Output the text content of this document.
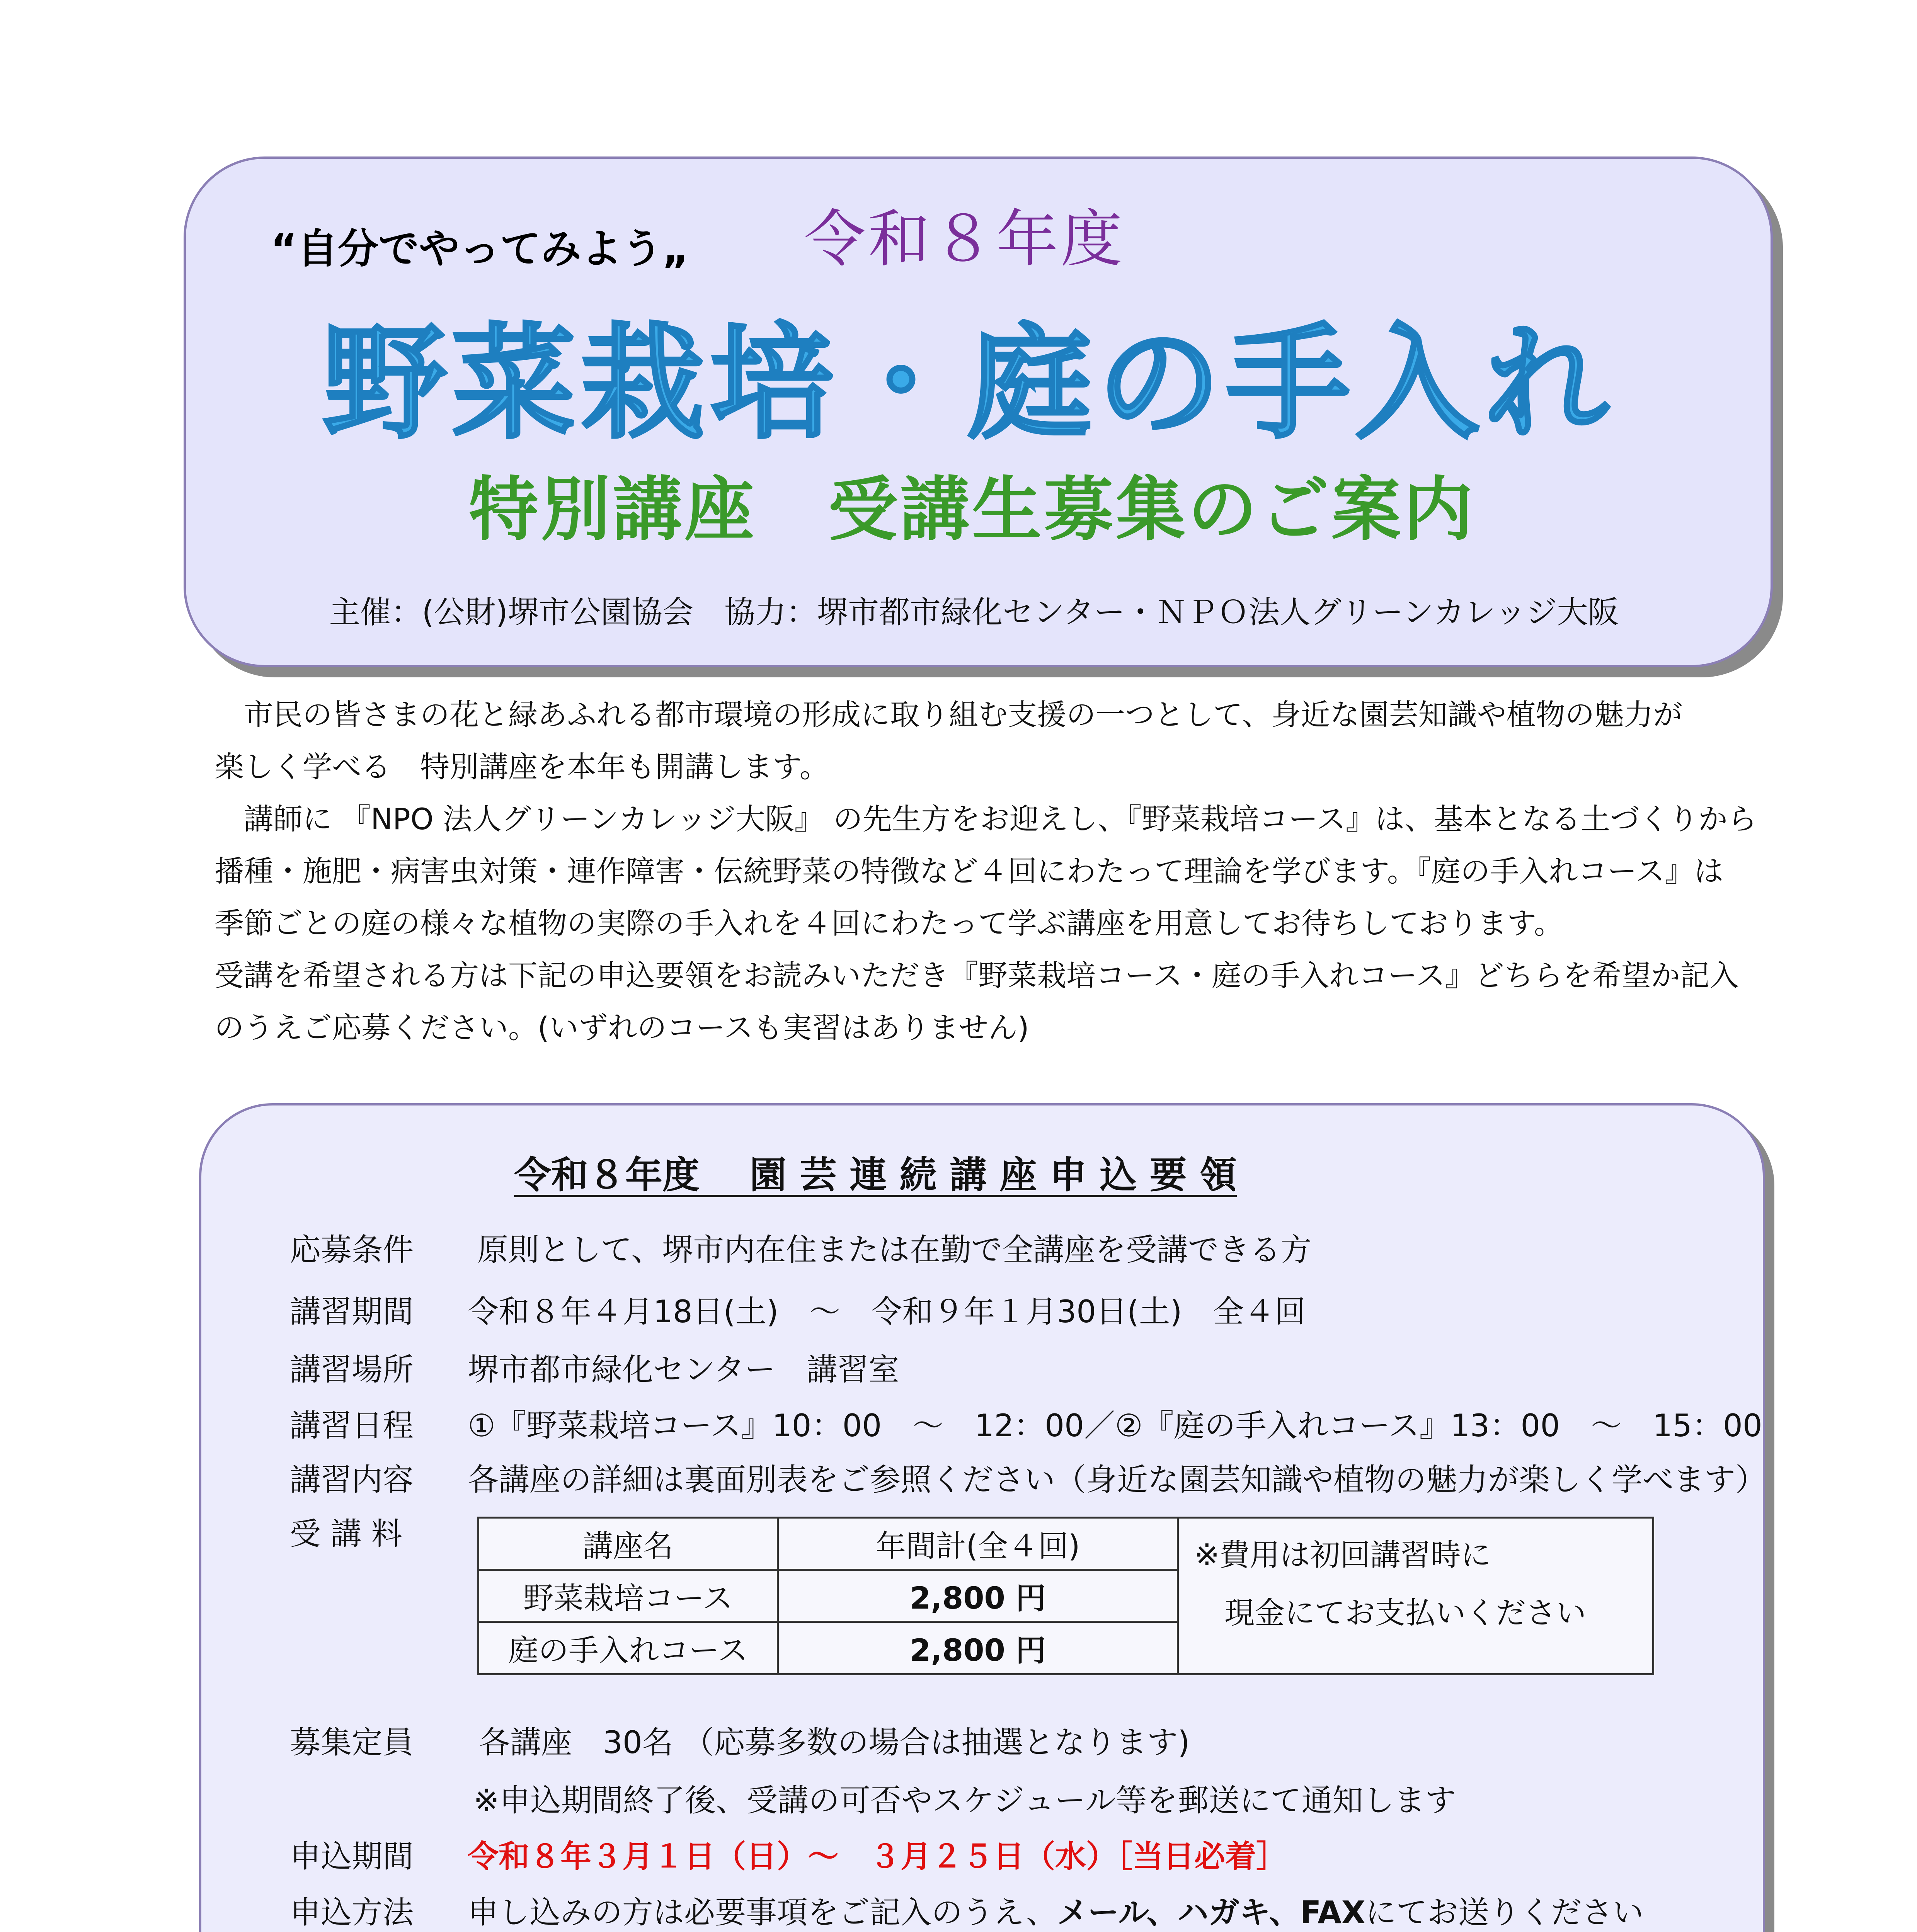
“自分でやってみよう„ 令和８年度
野菜栽培・庭の手入れ
特別講座　受講生募集のご案内
主催：(公財)堺市公園協会　協力：堺市都市緑化センター・ＮＰＯ法人グリーンカレッジ大阪
　市民の皆さまの花と緑あふれる都市環境の形成に取り組む支援の一つとして、身近な園芸知識や植物の魅力が
楽しく学べる　特別講座を本年も開講します。
　講師に 『NPO 法人グリーンカレッジ大阪』 の先生方をお迎えし、『野菜栽培コース』は、基本となる土づくりから
播種・施肥・病害虫対策・連作障害・伝統野菜の特徴など４回にわたって理論を学びます。『庭の手入れコース』は
季節ごとの庭の様々な植物の実際の手入れを４回にわたって学ぶ講座を用意してお待ちしております。
受講を希望される方は下記の申込要領をお読みいただき『野菜栽培コース・庭の手入れコース』どちらを希望か記入
のうえご応募ください。(いずれのコースも実習はありません)
令和８年度　 園 芸 連 続 講 座 申 込 要 領
応募条件 原則として、堺市内在住または在勤で全講座を受講できる方
講習期間 令和８年４月18日(土)　～　令和９年１月30日(土)　全４回
講習場所 堺市都市緑化センター　講習室
講習日程 ①『野菜栽培コース』10：00　～　12：00／②『庭の手入れコース』13：00　～　15：00
講習内容 各講座の詳細は裏面別表をご参照ください（身近な園芸知識や植物の魅力が楽しく学べます）
受 講 料	講座名	年間計(全４回)	※費用は初回講習時に
　現金にてお支払いください

野菜栽培コース	2,800 円	
庭の手入れコース	2,800 円	
募集定員 各講座　30名 （応募多数の場合は抽選となります)
※申込期間終了後、受講の可否やスケジュール等を郵送にて通知します
申込期間 令和８年３月１日（日）～　３月２５日（水）［当日必着］
申込方法 申し込みの方は必要事項をご記入のうえ、メール、ハガキ、FAXにてお送りください
